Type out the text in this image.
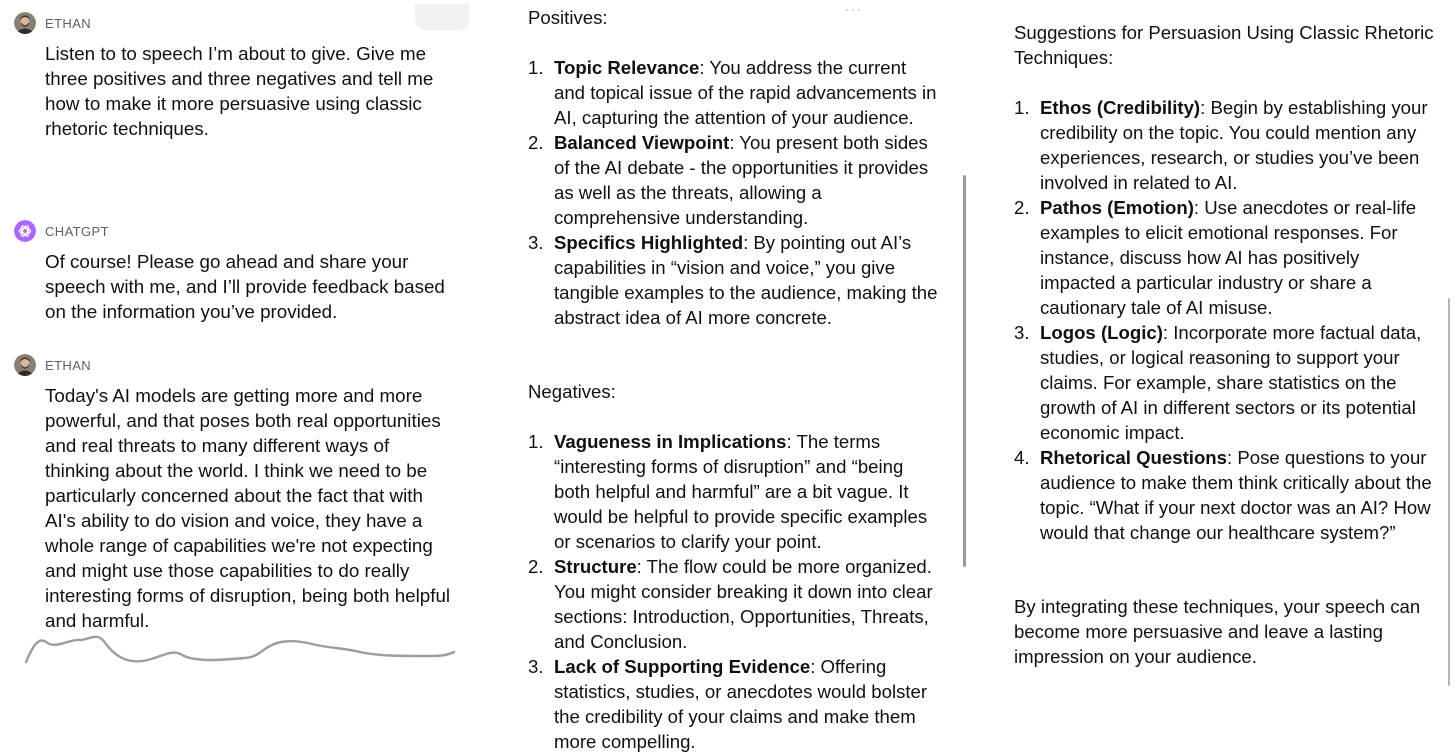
···
ETHAN
Listen to to speech I’m about to give. Give me three positives and three negatives and tell me how to make it more persuasive using classic rhetoric techniques.
CHATGPT
Of course! Please go ahead and share your speech with me, and I’ll provide feedback based on the information you’ve provided.
ETHAN
Today's AI models are getting more and more powerful, and that poses both real opportunities and real threats to many different ways of thinking about the world. I think we need to be particularly concerned about the fact that with AI's ability to do vision and voice, they have a whole range of capabilities we're not expecting and might use those capabilities to do really interesting forms of disruption, being both helpful and harmful.
Positives:
1. Topic Relevance: You address the current and topical issue of the rapid advancements in AI, capturing the attention of your audience.
2. Balanced Viewpoint: You present both sides of the AI debate - the opportunities it provides as well as the threats, allowing a comprehensive understanding.
3. Specifics Highlighted: By pointing out AI’s capabilities in “vision and voice,” you give tangible examples to the audience, making the abstract idea of AI more concrete.
Negatives:
1. Vagueness in Implications: The terms “interesting forms of disruption” and “being both helpful and harmful” are a bit vague. It would be helpful to provide specific examples or scenarios to clarify your point.
2. Structure: The flow could be more organized. You might consider breaking it down into clear sections: Introduction, Opportunities, Threats, and Conclusion.
3. Lack of Supporting Evidence: Offering statistics, studies, or anecdotes would bolster the credibility of your claims and make them more compelling.
Suggestions for Persuasion Using Classic Rhetoric Techniques:
1. Ethos (Credibility): Begin by establishing your credibility on the topic. You could mention any experiences, research, or studies you’ve been involved in related to AI.
2. Pathos (Emotion): Use anecdotes or real-life examples to elicit emotional responses. For instance, discuss how AI has positively impacted a particular industry or share a cautionary tale of AI misuse.
3. Logos (Logic): Incorporate more factual data, studies, or logical reasoning to support your claims. For example, share statistics on the growth of AI in different sectors or its potential economic impact.
4. Rhetorical Questions: Pose questions to your audience to make them think critically about the topic. “What if your next doctor was an AI? How would that change our healthcare system?”
By integrating these techniques, your speech can become more persuasive and leave a lasting impression on your audience.
